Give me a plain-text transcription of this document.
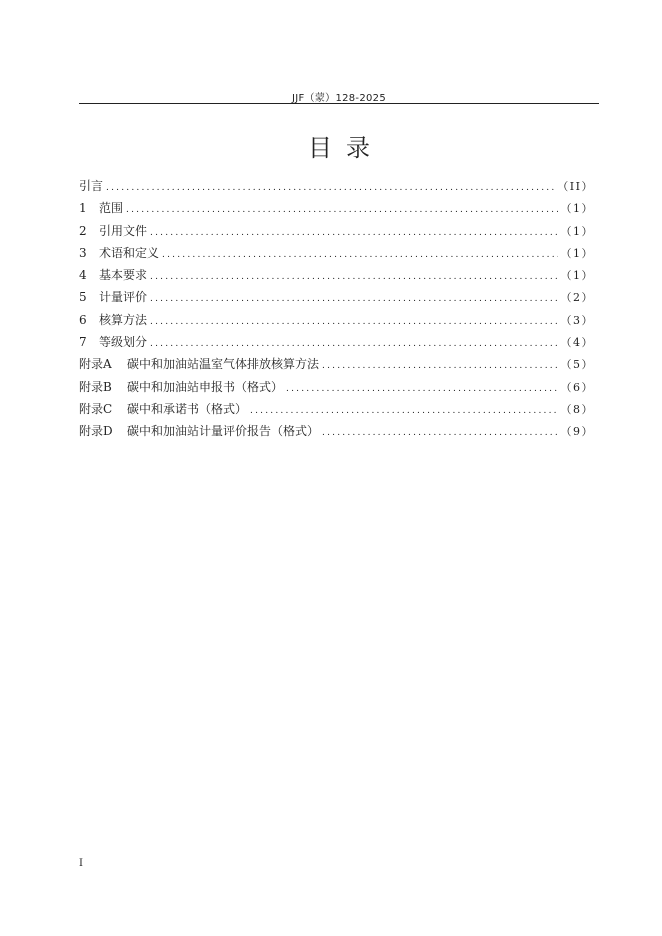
JJF（蒙）128-2025
目录
引言 .....	（II）
1	范围 .....	（1）
2	引用文件 .....	（1）
3	术语和定义 .....	（1）
4	基本要求 .....	（1）
5	计量评价 .....	（2）
6	核算方法 .....	（3）
7	等级划分 .....	（4）
附录A	碳中和加油站温室气体排放核算方法 .....	（5）
附录B	碳中和加油站申报书（格式） .....	（6）
附录C	碳中和承诺书（格式） .....	（8）
附录D	碳中和加油站计量评价报告（格式） .....	（9）
I
